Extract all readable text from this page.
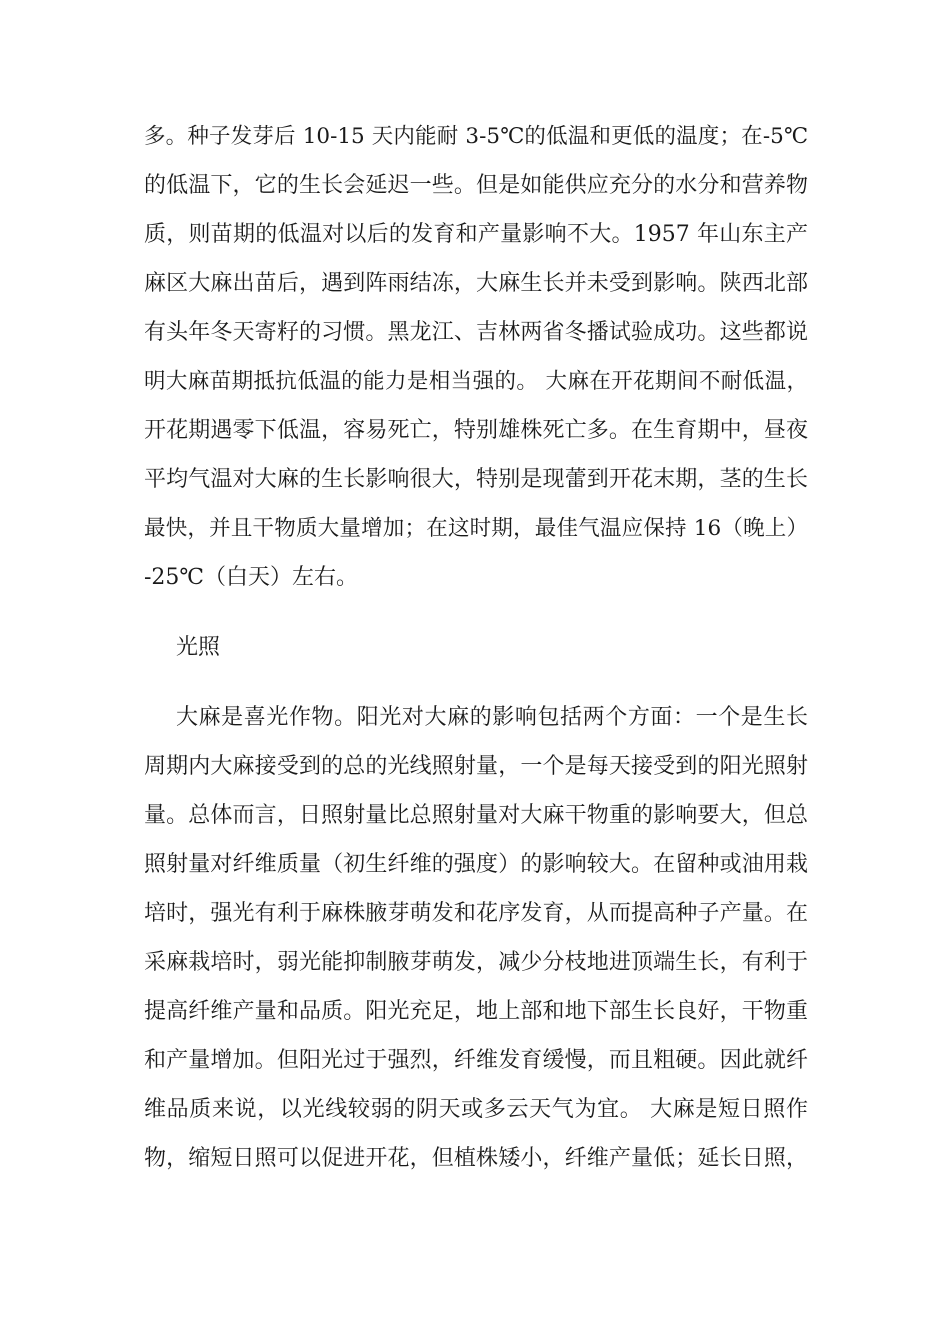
多。种子发芽后 10-15 天内能耐 3-5℃的低温和更低的温度；在-5℃
的低温下，它的生长会延迟一些。但是如能供应充分的水分和营养物
质，则苗期的低温对以后的发育和产量影响不大。1957 年山东主产
麻区大麻出苗后，遇到阵雨结冻，大麻生长并未受到影响。陕西北部
有头年冬天寄籽的习惯。黑龙江、吉林两省冬播试验成功。这些都说
明大麻苗期抵抗低温的能力是相当强的。 大麻在开花期间不耐低温，
开花期遇零下低温，容易死亡，特别雄株死亡多。在生育期中，昼夜
平均气温对大麻的生长影响很大，特别是现蕾到开花末期，茎的生长
最快，并且干物质大量增加；在这时期，最佳气温应保持 16（晚上）
-25℃（白天）左右。
光照
大麻是喜光作物。阳光对大麻的影响包括两个方面：一个是生长
周期内大麻接受到的总的光线照射量，一个是每天接受到的阳光照射
量。总体而言，日照射量比总照射量对大麻干物重的影响要大，但总
照射量对纤维质量（初生纤维的强度）的影响较大。在留种或油用栽
培时，强光有利于麻株腋芽萌发和花序发育，从而提高种子产量。在
采麻栽培时，弱光能抑制腋芽萌发，减少分枝地进顶端生长，有利于
提高纤维产量和品质。阳光充足，地上部和地下部生长良好，干物重
和产量增加。但阳光过于强烈，纤维发育缓慢，而且粗硬。因此就纤
维品质来说，以光线较弱的阴天或多云天气为宜。 大麻是短日照作
物，缩短日照可以促进开花，但植株矮小，纤维产量低；延长日照，
